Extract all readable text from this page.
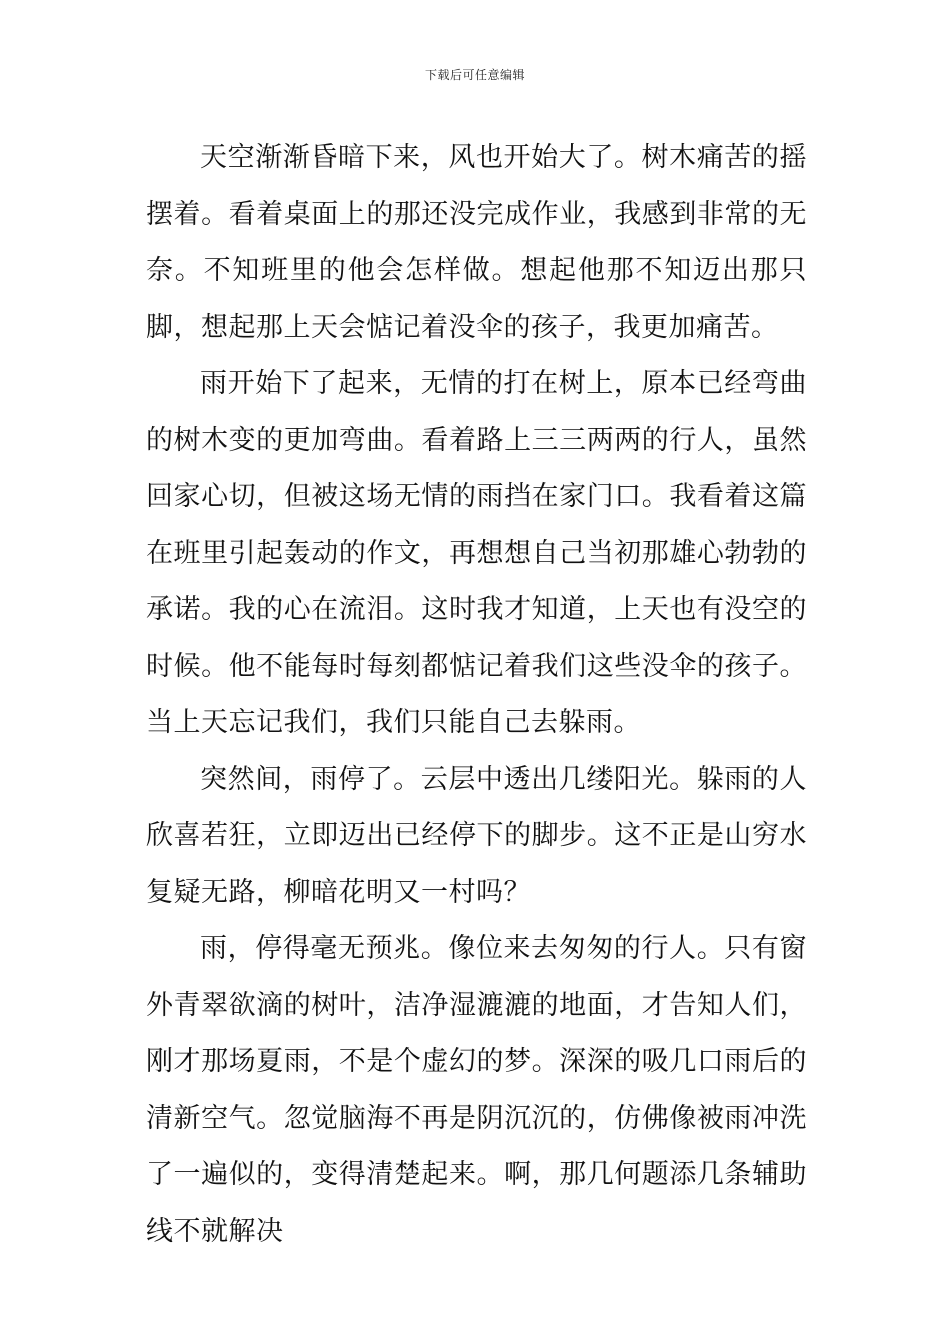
下载后可任意编辑

天空渐渐昏暗下来，风也开始大了。树木痛苦的摇摆着。看着桌面上的那还没完成作业，我感到非常的无奈。不知班里的他会怎样做。想起他那不知迈出那只脚，想起那上天会惦记着没伞的孩子，我更加痛苦。

雨开始下了起来，无情的打在树上，原本已经弯曲的树木变的更加弯曲。看着路上三三两两的行人，虽然回家心切，但被这场无情的雨挡在家门口。我看着这篇在班里引起轰动的作文，再想想自己当初那雄心勃勃的承诺。我的心在流泪。这时我才知道，上天也有没空的时候。他不能每时每刻都惦记着我们这些没伞的孩子。当上天忘记我们，我们只能自己去躲雨。

突然间，雨停了。云层中透出几缕阳光。躲雨的人欣喜若狂，立即迈出已经停下的脚步。这不正是山穷水复疑无路，柳暗花明又一村吗？

雨，停得毫无预兆。像位来去匆匆的行人。只有窗外青翠欲滴的树叶，洁净湿漉漉的地面，才告知人们，刚才那场夏雨，不是个虚幻的梦。深深的吸几口雨后的清新空气。忽觉脑海不再是阴沉沉的，仿佛像被雨冲洗了一遍似的，变得清楚起来。啊，那几何题添几条辅助线不就解决
